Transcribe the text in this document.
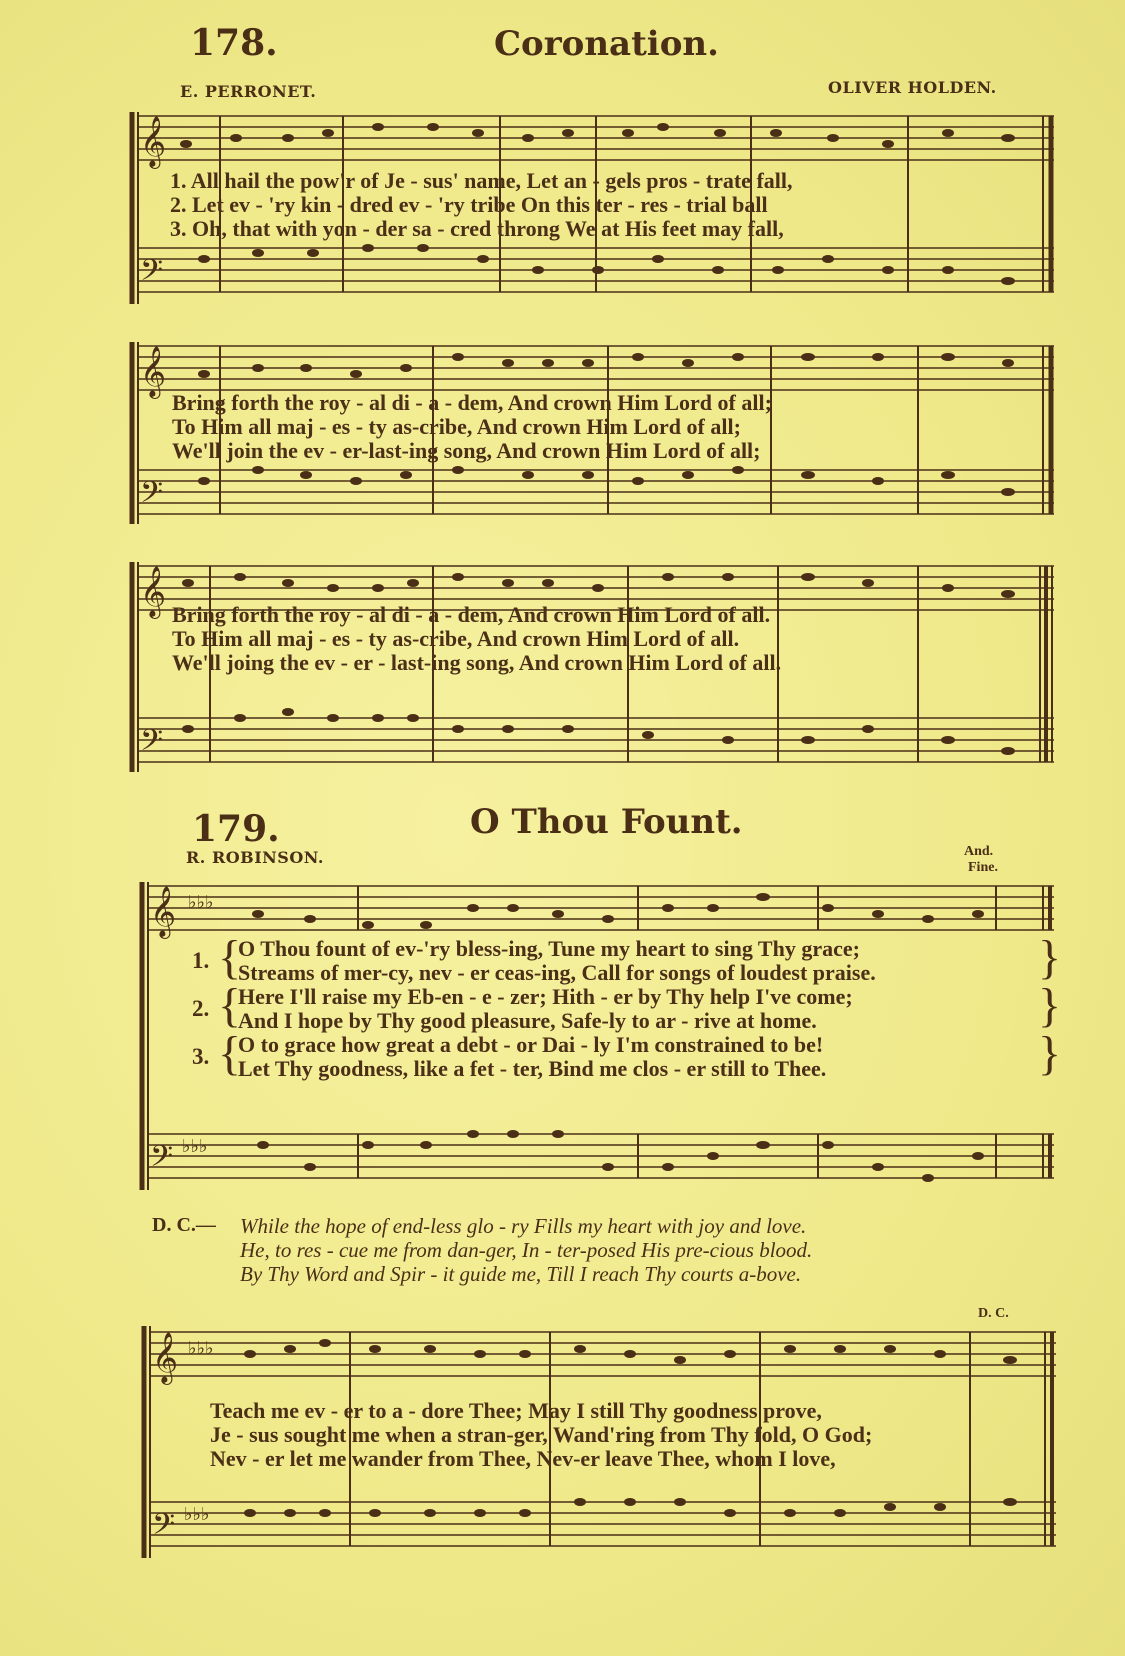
178.	Coronation.
E. PERRONET.	OLIVER HOLDEN.
𝄞
𝄢
1. All hail the pow'r of Je - sus' name, Let an - gels pros - trate fall,
2. Let ev - 'ry kin - dred ev - 'ry tribe On this ter - res - trial ball
3. Oh, that with yon - der sa - cred throng We at His feet may fall,
𝄞
𝄢
Bring forth the roy - al di - a - dem, And crown Him Lord of all;
To Him all maj - es - ty as-cribe, And crown Him Lord of all;
We'll join the ev - er-last-ing song, And crown Him Lord of all;
𝄞
𝄢
Bring forth the roy - al di - a - dem, And crown Him Lord of all.
To Him all maj - es - ty as-cribe, And crown Him Lord of all.
We'll joing the ev - er - last-ing song, And crown Him Lord of all.
179.	O Thou Fount.
R. ROBINSON.	And.
Fine.
𝄞 ♭♭♭
𝄢 ♭♭♭
1.
2.
3.
{
{
{
}
}
}
O Thou fount of ev-'ry bless-ing, Tune my heart to sing Thy grace;
Streams of mer-cy, nev - er ceas-ing, Call for songs of loudest praise.
Here I'll raise my Eb-en - e - zer; Hith - er by Thy help I've come;
And I hope by Thy good pleasure, Safe-ly to ar - rive at home.
O to grace how great a debt - or Dai - ly I'm constrained to be!
Let Thy goodness, like a fet - ter, Bind me clos - er still to Thee.
D. C.— While the hope of end-less glo - ry Fills my heart with joy and love.
He, to res - cue me from dan-ger, In - ter-posed His pre-cious blood.
By Thy Word and Spir - it guide me, Till I reach Thy courts a-bove.
D. C.
𝄞 ♭♭♭
𝄢 ♭♭♭
Teach me ev - er to a - dore Thee; May I still Thy goodness prove,
Je - sus sought me when a stran-ger, Wand'ring from Thy fold, O God;
Nev - er let me wander from Thee, Nev-er leave Thee, whom I love,
